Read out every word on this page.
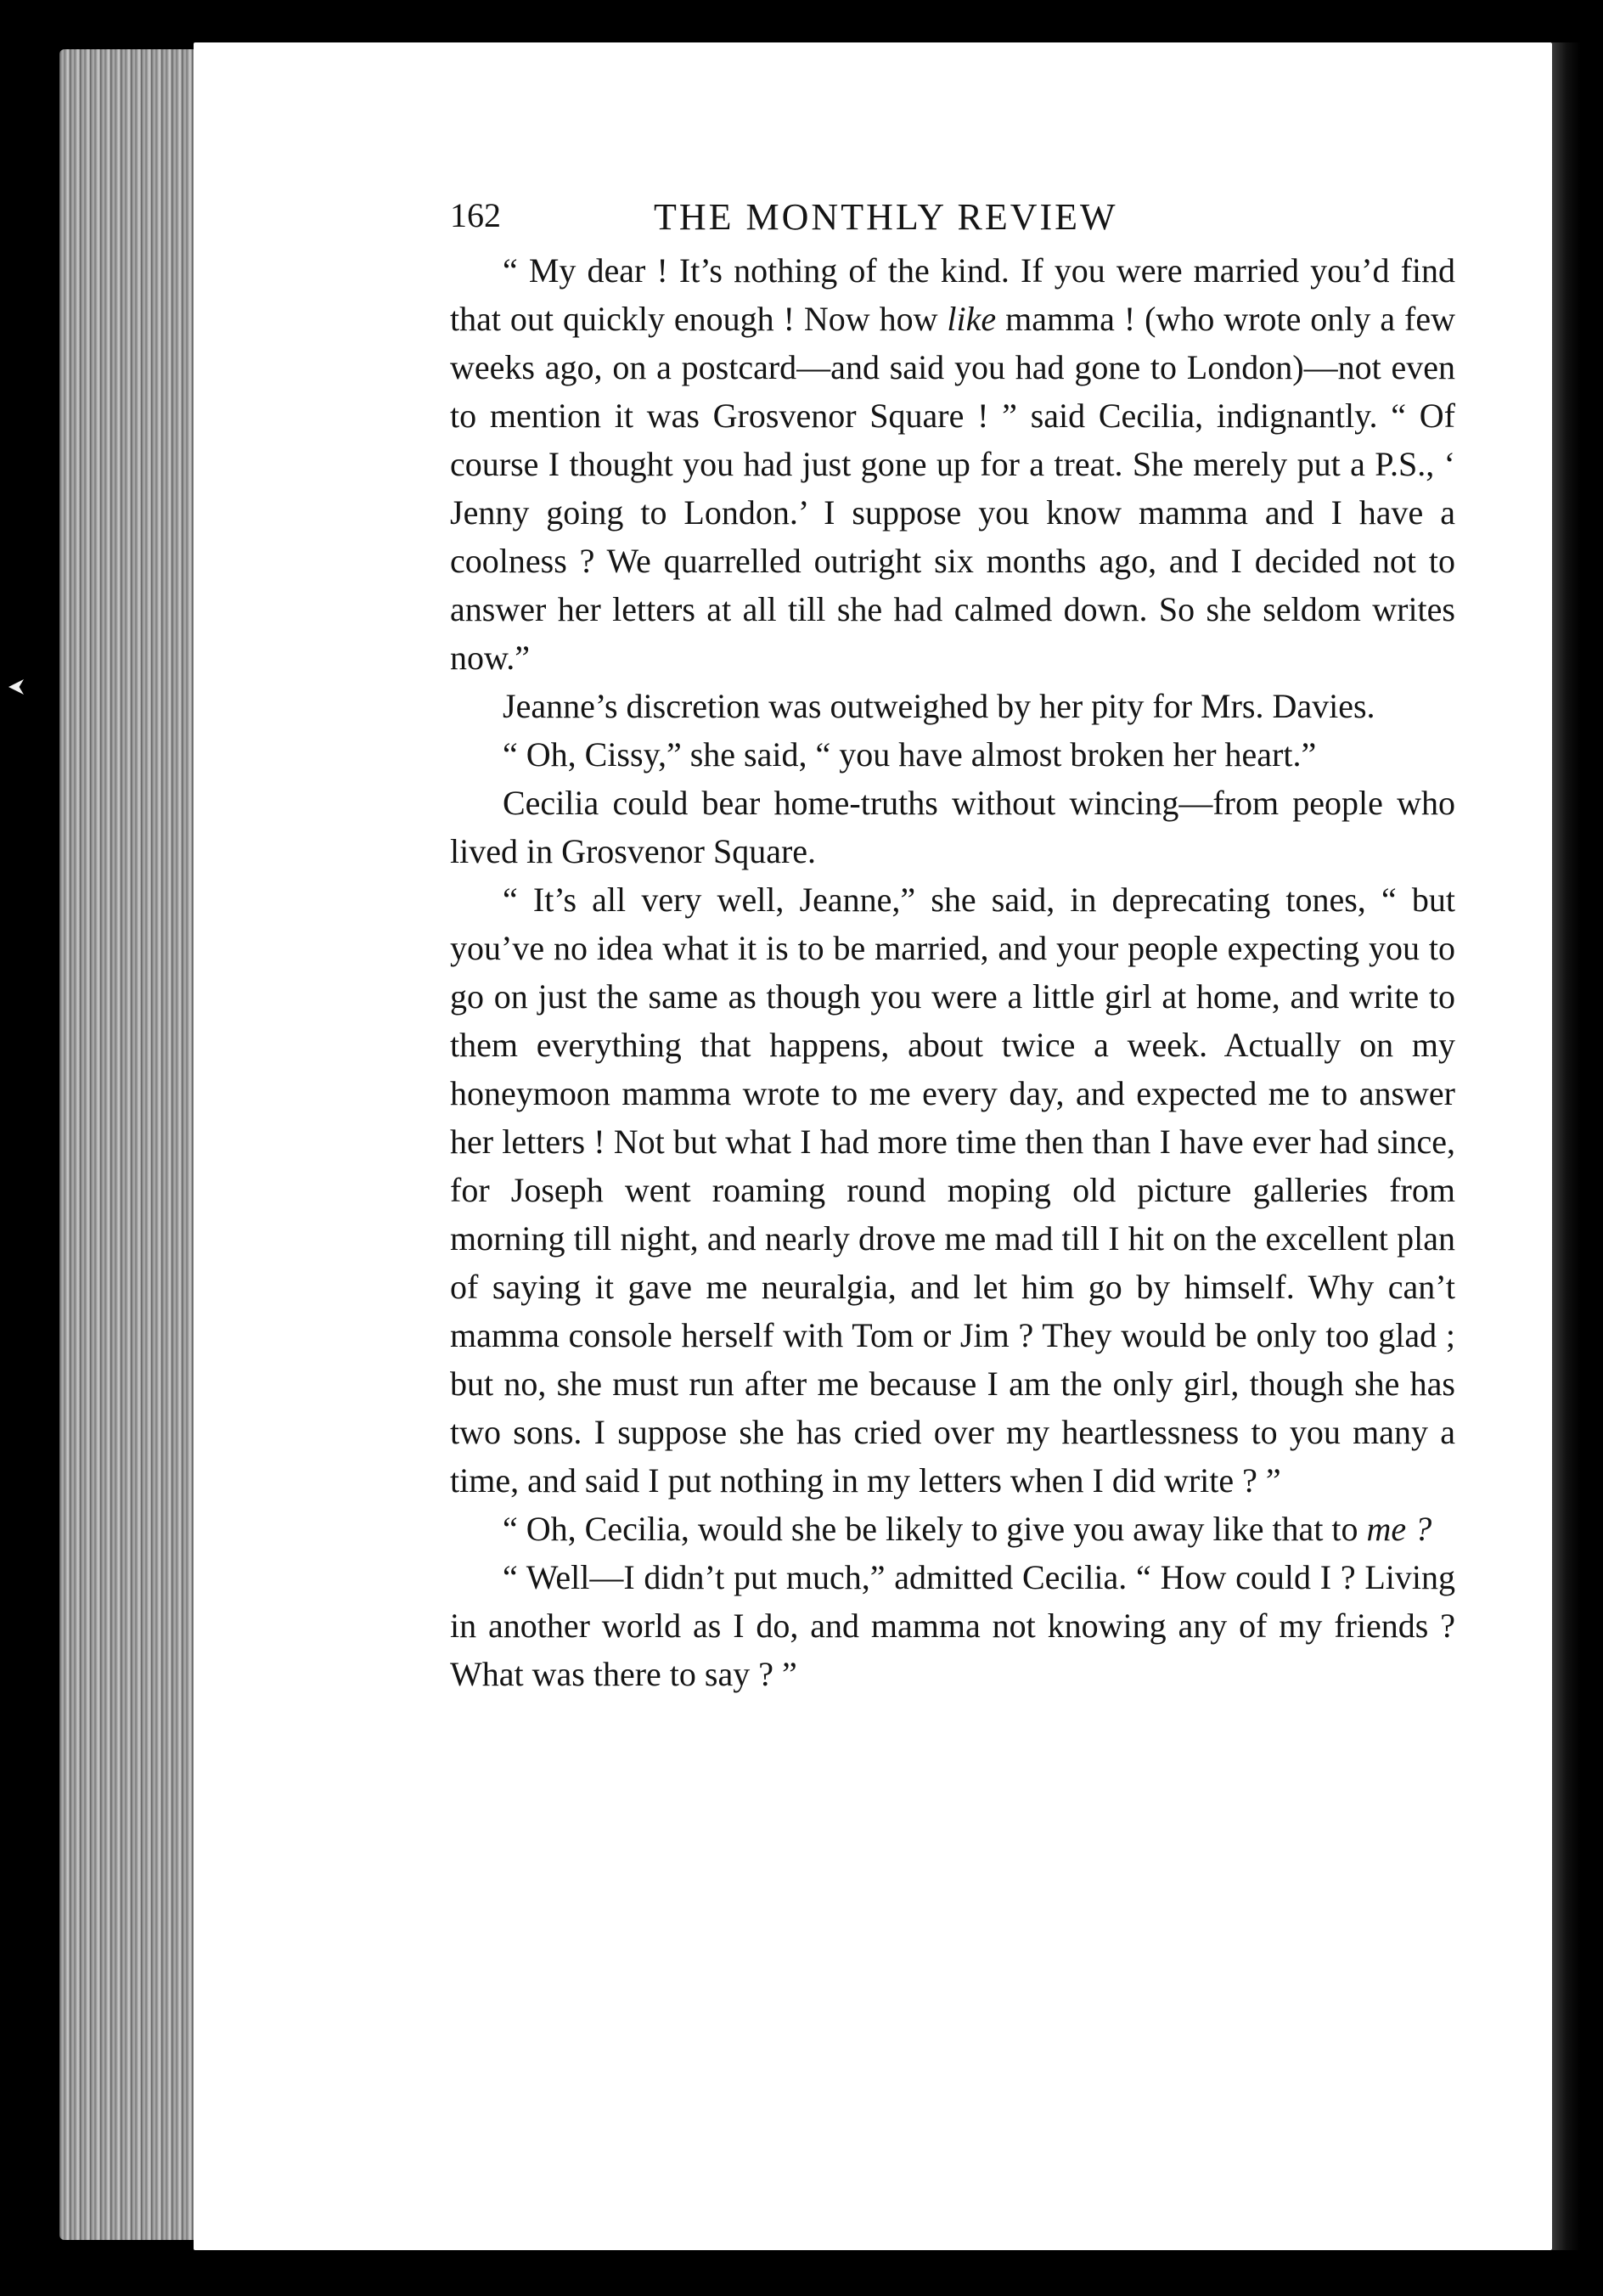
162	THE MONTHLY REVIEW

“ My dear ! It’s nothing of the kind. If you were married you’d find that out quickly enough ! Now how like mamma ! (who wrote only a few weeks ago, on a postcard—and said you had gone to London)—not even to mention it was Grosvenor Square ! ” said Cecilia, indignantly. “ Of course I thought you had just gone up for a treat. She merely put a P.S., ‘ Jenny going to London.’ I suppose you know mamma and I have a coolness ? We quarrelled outright six months ago, and I decided not to answer her letters at all till she had calmed down. So she seldom writes now.”

Jeanne’s discretion was outweighed by her pity for Mrs. Davies.

“ Oh, Cissy,” she said, “ you have almost broken her heart.”

Cecilia could bear home-truths without wincing—from people who lived in Grosvenor Square.

“ It’s all very well, Jeanne,” she said, in deprecating tones, “ but you’ve no idea what it is to be married, and your people expecting you to go on just the same as though you were a little girl at home, and write to them everything that happens, about twice a week. Actually on my honeymoon mamma wrote to me every day, and expected me to answer her letters ! Not but what I had more time then than I have ever had since, for Joseph went roaming round moping old picture galleries from morning till night, and nearly drove me mad till I hit on the excellent plan of saying it gave me neuralgia, and let him go by himself. Why can’t mamma console herself with Tom or Jim ? They would be only too glad ; but no, she must run after me because I am the only girl, though she has two sons. I suppose she has cried over my heartlessness to you many a time, and said I put nothing in my letters when I did write ? ”

“ Oh, Cecilia, would she be likely to give you away like that to me ?

“ Well—I didn’t put much,” admitted Cecilia. “ How could I ? Living in another world as I do, and mamma not knowing any of my friends ? What was there to say ? ”
